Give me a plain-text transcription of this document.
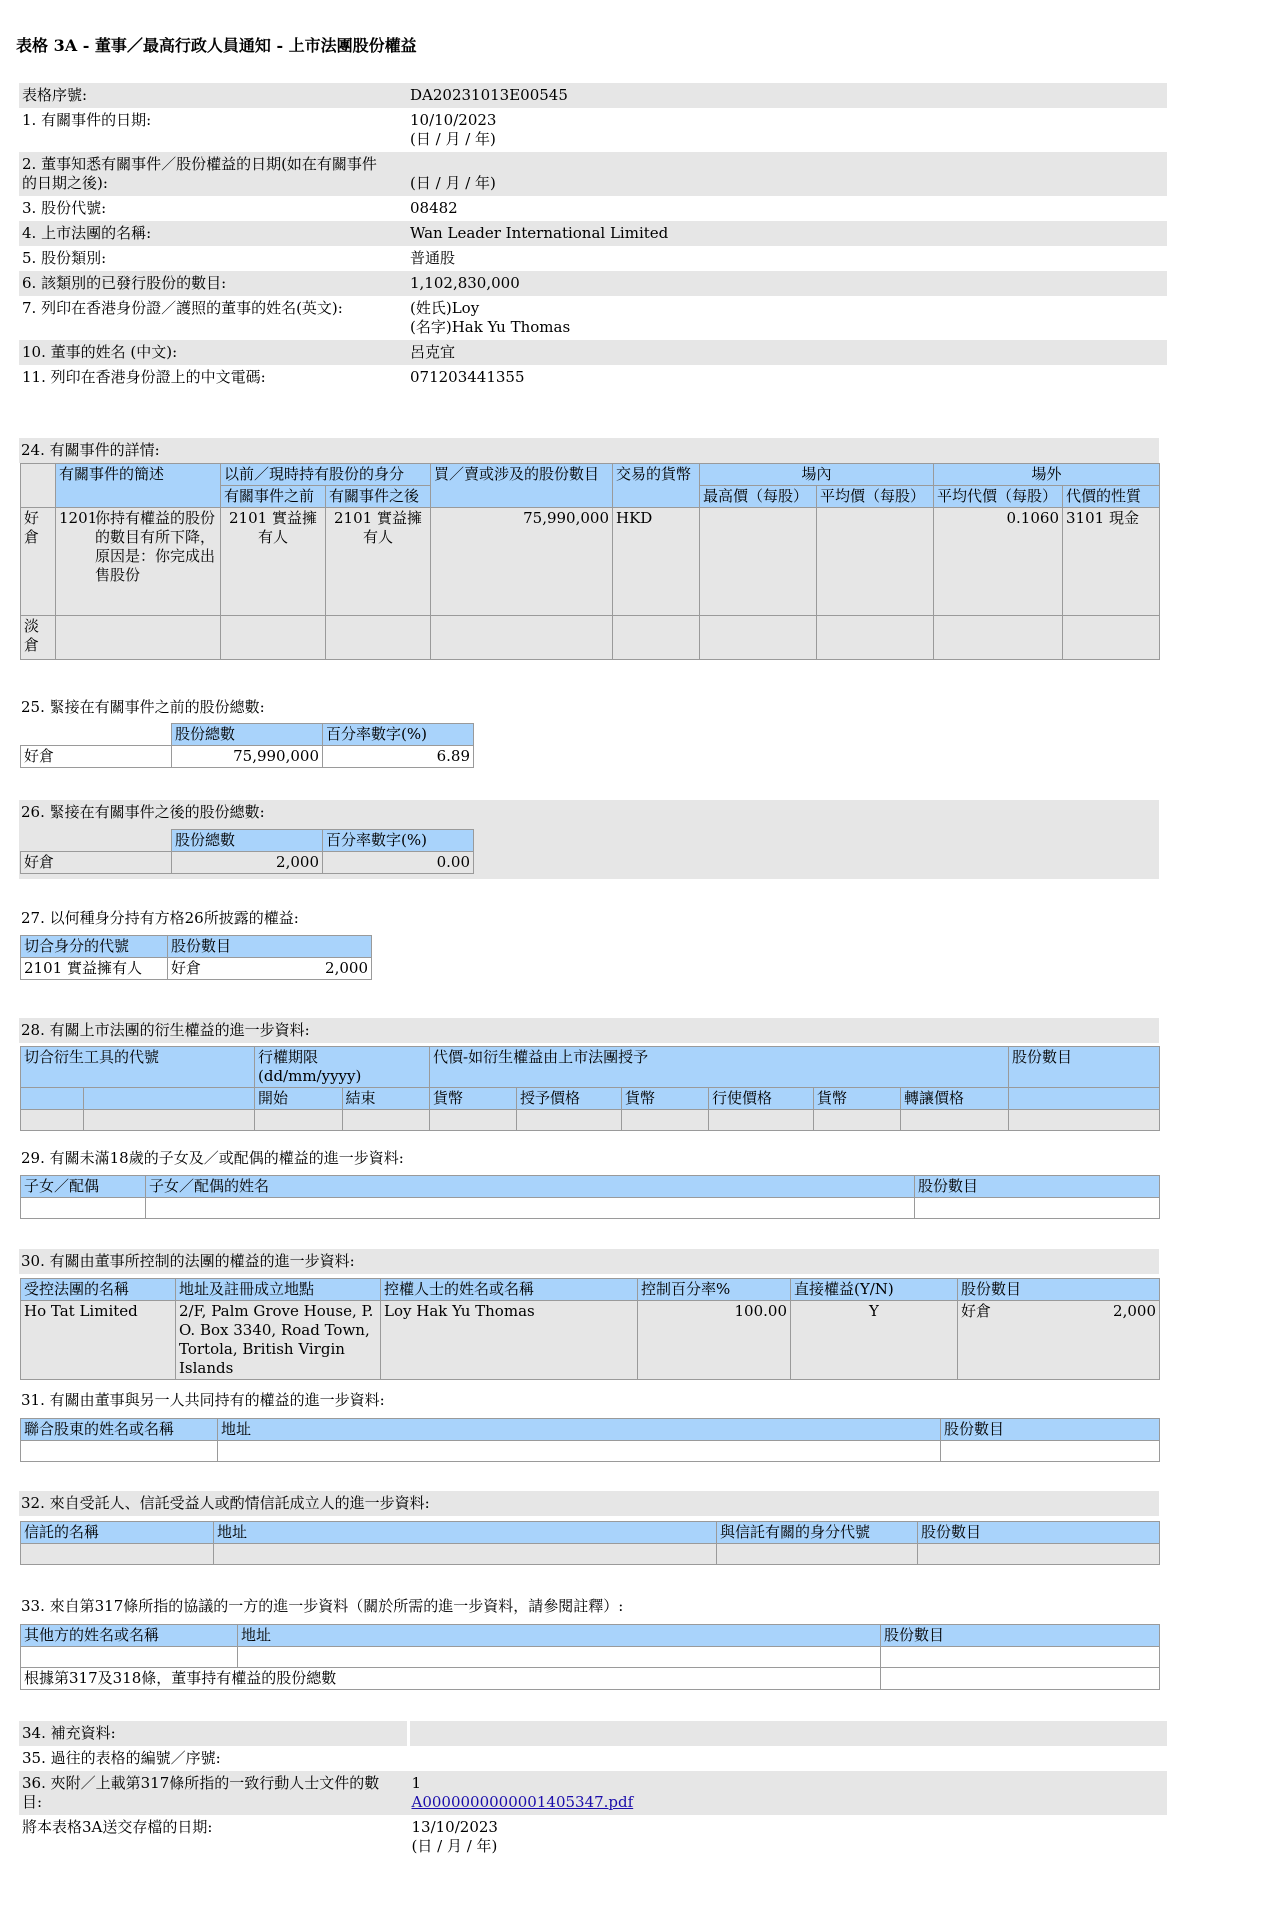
表格 3A - 董事／最高行政人員通知 - 上市法團股份權益
表格序號:	DA20231013E00545
1. 有關事件的日期:	10/10/2023
(日 / 月 / 年)
2. 董事知悉有關事件／股份權益的日期(如在有關事件
的日期之後):	
(日 / 月 / 年)
3. 股份代號:	08482
4. 上市法團的名稱:	Wan Leader International Limited
5. 股份類別:	普通股
6. 該類別的已發行股份的數目:	1,102,830,000
7. 列印在香港身份證／護照的董事的姓名(英文):	(姓氏)Loy
(名字)Hak Yu Thomas
10. 董事的姓名 (中文):	呂克宜
11. 列印在香港身份證上的中文電碼:	071203441355
24. 有關事件的詳情:
	有關事件的簡述	以前／現時持有股份的身分		買／賣或涉及的股份數目	交易的貨幣	場內		場外	
		有關事件之前	有關事件之後			最高價（每股）	平均價（每股）	平均代價（每股）	代價的性質
好
倉	1201
你持有權益的股份的數目有所下降，原因是：你完成出售股份	2101 實益擁
有人	2101 實益擁
有人	75,990,000	HKD			0.1060	3101 現金
淡
倉									
25. 緊接在有關事件之前的股份總數:
	股份總數	百分率數字(%)
好倉	75,990,000	6.89
26. 緊接在有關事件之後的股份總數:
	股份總數	百分率數字(%)
好倉	2,000	0.00
27. 以何種身分持有方格26所披露的權益:
切合身分的代號	股份數目	
2101 實益擁有人	好倉	2,000
28. 有關上市法團的衍生權益的進一步資料:
切合衍生工具的代號		行權期限 (dd/mm/yyyy)		代價-如衍生權益由上市法團授予						股份數目
		開始	結束	貨幣	授予價格	貨幣	行使價格	貨幣	轉讓價格	

29. 有關未滿18歲的子女及／或配偶的權益的進一步資料:
子女／配偶	子女／配偶的姓名	股份數目

30. 有關由董事所控制的法團的權益的進一步資料:
受控法團的名稱	地址及註冊成立地點	控權人士的姓名或名稱	控制百分率%	直接權益(Y/N)	股份數目	
Ho Tat Limited	2/F, Palm Grove House, P. O. Box 3340, Road Town, Tortola, British Virgin Islands	Loy Hak Yu Thomas	100.00	Y	好倉	2,000
31. 有關由董事與另一人共同持有的權益的進一步資料:
聯合股東的姓名或名稱	地址	股份數目

32. 來自受託人、信託受益人或酌情信託成立人的進一步資料:
信託的名稱	地址	與信託有關的身分代號	股份數目

33. 來自第317條所指的協議的一方的進一步資料（關於所需的進一步資料，請參閱註釋）:
其他方的姓名或名稱	地址	股份數目

根據第317及318條，董事持有權益的股份總數		
34. 補充資料:	
35. 過往的表格的編號／序號:	
36. 夾附／上載第317條所指的一致行動人士文件的數
目:	1
A0000000000001405347.pdf
將本表格3A送交存檔的日期:	13/10/2023
(日 / 月 / 年)
